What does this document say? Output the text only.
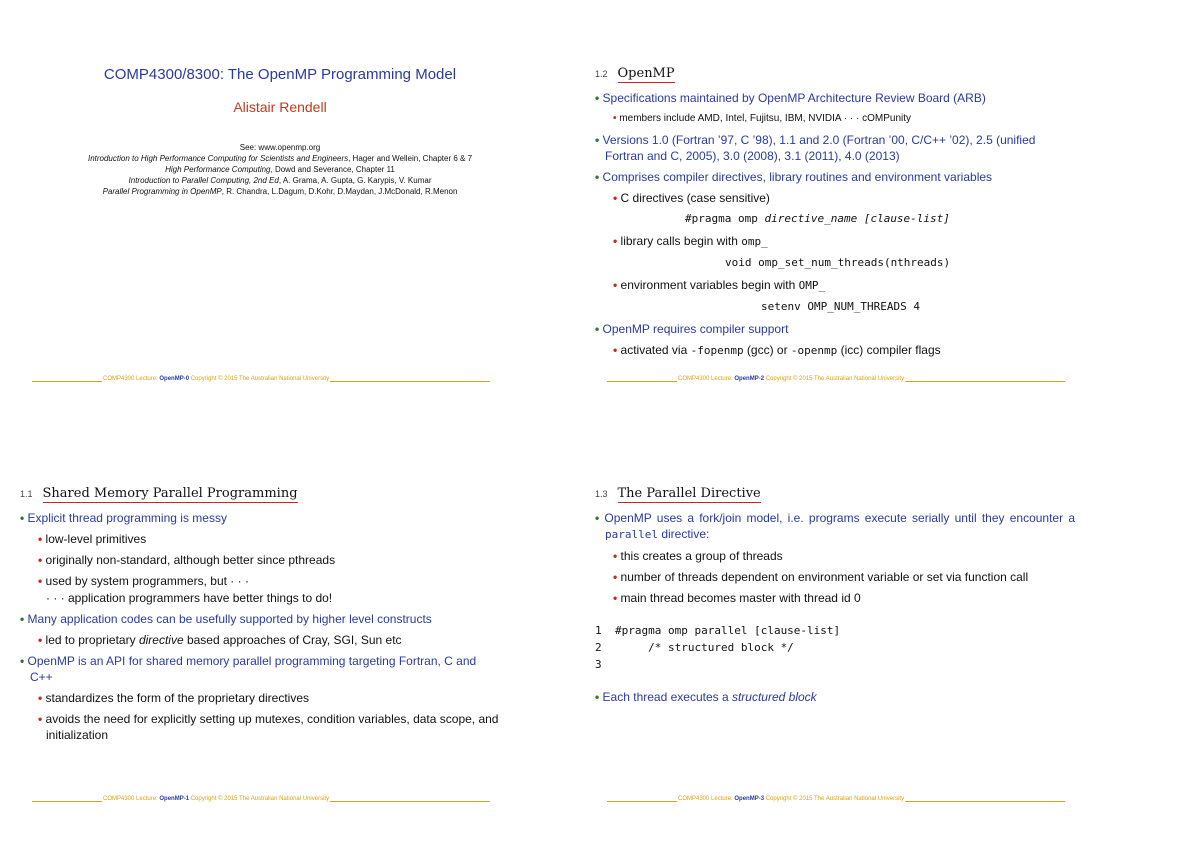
COMP4300/8300: The OpenMP Programming Model
Alistair Rendell
See: www.openmp.org
Introduction to High Performance Computing for Scientists and Engineers, Hager and Wellein, Chapter 6 & 7
High Performance Computing, Dowd and Severance, Chapter 11
Introduction to Parallel Computing, 2nd Ed, A. Grama, A. Gupta, G. Karypis, V. Kumar
Parallel Programming in OpenMP, R. Chandra, L.Dagum, D.Kohr, D.Maydan, J.McDonald, R.Menon
COMP4300 Lecture: OpenMP-0 Copyright © 2015 The Australian National University
1.2 OpenMP
• Specifications maintained by OpenMP Architecture Review Board (ARB)
• members include AMD, Intel, Fujitsu, IBM, NVIDIA · · · cOMPunity
• Versions 1.0 (Fortran ’97, C ’98), 1.1 and 2.0 (Fortran ’00, C/C++ ’02), 2.5 (unified Fortran and C, 2005), 3.0 (2008), 3.1 (2011), 4.0 (2013)
• Comprises compiler directives, library routines and environment variables
• C directives (case sensitive)
#pragma omp directive_name [clause-list]
• library calls begin with omp_
void omp_set_num_threads(nthreads)
• environment variables begin with OMP_
setenv OMP_NUM_THREADS 4
• OpenMP requires compiler support
• activated via -fopenmp (gcc) or -openmp (icc) compiler flags
COMP4300 Lecture: OpenMP-2 Copyright © 2015 The Australian National University
1.1 Shared Memory Parallel Programming
• Explicit thread programming is messy
• low-level primitives
• originally non-standard, although better since pthreads
• used by system programmers, but · · ·
· · · application programmers have better things to do!
• Many application codes can be usefully supported by higher level constructs
• led to proprietary directive based approaches of Cray, SGI, Sun etc
• OpenMP is an API for shared memory parallel programming targeting Fortran, C and C++
• standardizes the form of the proprietary directives
• avoids the need for explicitly setting up mutexes, condition variables, data scope, and initialization
COMP4300 Lecture: OpenMP-1 Copyright © 2015 The Australian National University
1.3 The Parallel Directive
• OpenMP uses a fork/join model, i.e. programs execute serially until they encounter a parallel directive:
• this creates a group of threads
• number of threads dependent on environment variable or set via function call
• main thread becomes master with thread id 0
1 #pragma omp parallel [clause-list]
2     /* structured block */
3
• Each thread executes a structured block
COMP4300 Lecture: OpenMP-3 Copyright © 2015 The Australian National University
